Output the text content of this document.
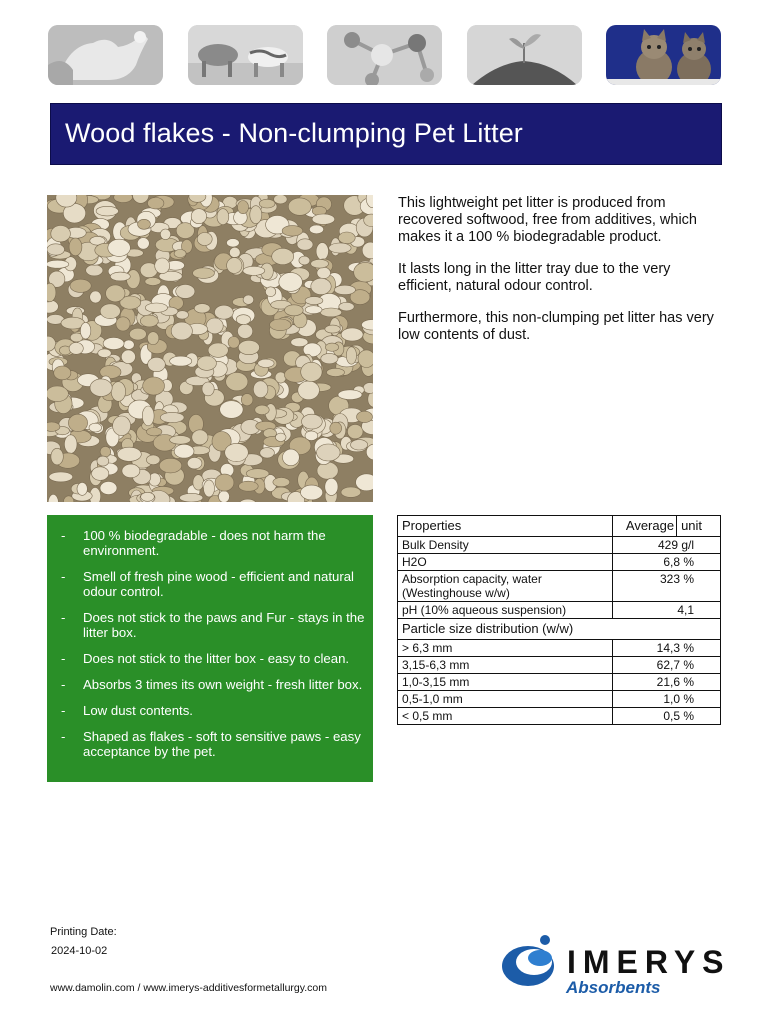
Wood flakes - Non-clumping Pet Litter

This lightweight pet litter is produced from recovered softwood, free from additives, which makes it a 100 % biodegradable product.

It lasts long in the litter tray due to the very efficient, natural odour control.

Furthermore, this non-clumping pet litter has very low contents of dust.

- 100 % biodegradable - does not harm the environment.
- Smell of fresh pine wood - efficient and natural odour control.
- Does not stick to the paws and Fur - stays in the litter box.
- Does not stick to the litter box - easy to clean.
- Absorbs 3 times its own weight - fresh litter box.
- Low dust contents.
- Shaped as flakes - soft to sensitive paws - easy acceptance by the pet.
Properties	Average	unit
Bulk Density	429 g/l	
H2O	6,8 %	
Absorption capacity, water (Westinghouse w/w)	323 %	
pH (10% aqueous suspension)	4,1	
Particle size distribution (w/w)		
> 6,3 mm	14,3 %	
3,15-6,3 mm	62,7 %	
1,0-3,15 mm	21,6 %	
0,5-1,0 mm	1,0 %	
< 0,5 mm	0,5 %	
Printing Date:
2024-10-02
www.damolin.com / www.imerys-additivesformetallurgy.com
IMERYS
Absorbents
